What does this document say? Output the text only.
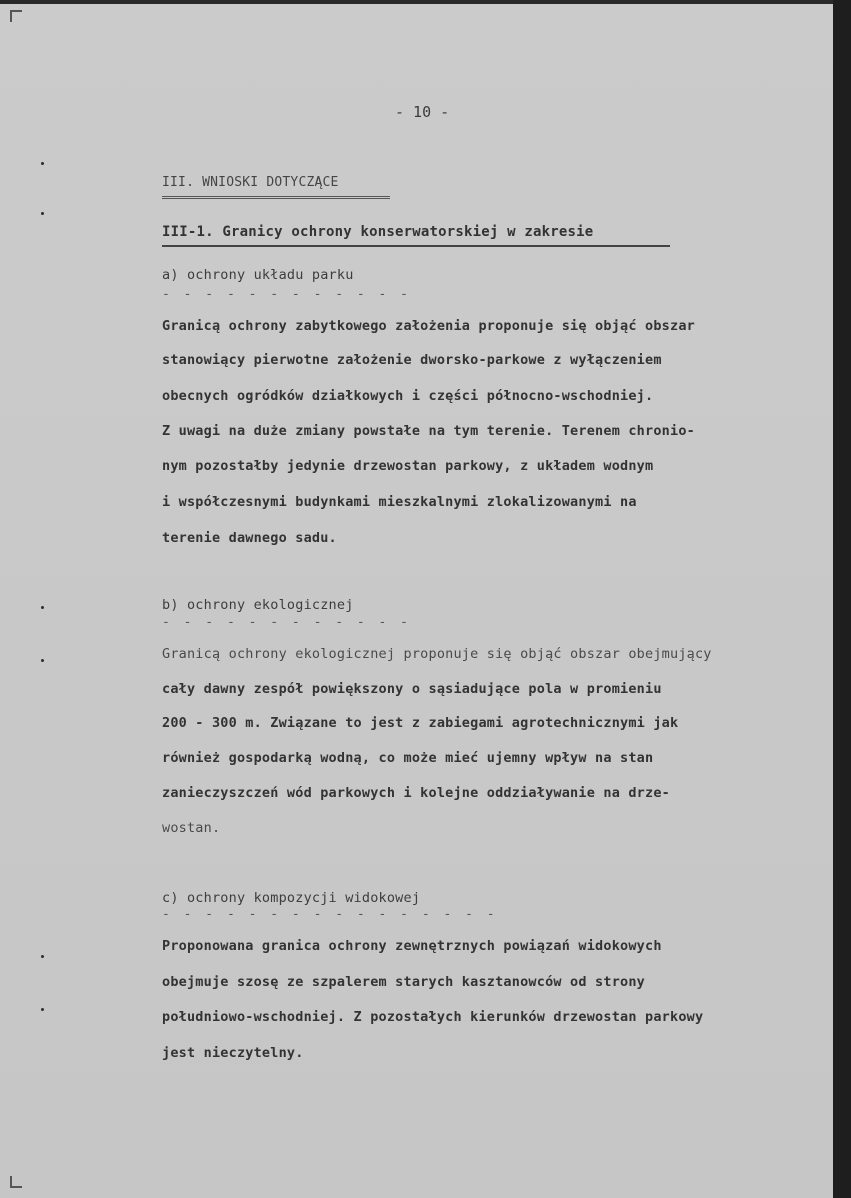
- 10 -
III. WNIOSKI DOTYCZĄCE
III-1. Granicy ochrony konserwatorskiej w zakresie
a) ochrony układu parku
- - - - - - - - - - - -
Granicą ochrony zabytkowego założenia proponuje się objąć obszar
stanowiący pierwotne założenie dworsko-parkowe z wyłączeniem
obecnych ogródków działkowych i części północno-wschodniej.
Z uwagi na duże zmiany powstałe na tym terenie. Terenem chronio-
nym pozostałby jedynie drzewostan parkowy, z układem wodnym
i współczesnymi budynkami mieszkalnymi zlokalizowanymi na
terenie dawnego sadu.
b) ochrony ekologicznej
- - - - - - - - - - - -
Granicą ochrony ekologicznej proponuje się objąć obszar obejmujący
cały dawny zespół powiększony o sąsiadujące pola w promieniu
200 - 300 m. Związane to jest z zabiegami agrotechnicznymi jak
również gospodarką wodną, co może mieć ujemny wpływ na stan
zanieczyszczeń wód parkowych i kolejne oddziaływanie na drze-
wostan.
c) ochrony kompozycji widokowej
- - - - - - - - - - - - - - - -
Proponowana granica ochrony zewnętrznych powiązań widokowych
obejmuje szosę ze szpalerem starych kasztanowców od strony
południowo-wschodniej. Z pozostałych kierunków drzewostan parkowy
jest nieczytelny.
